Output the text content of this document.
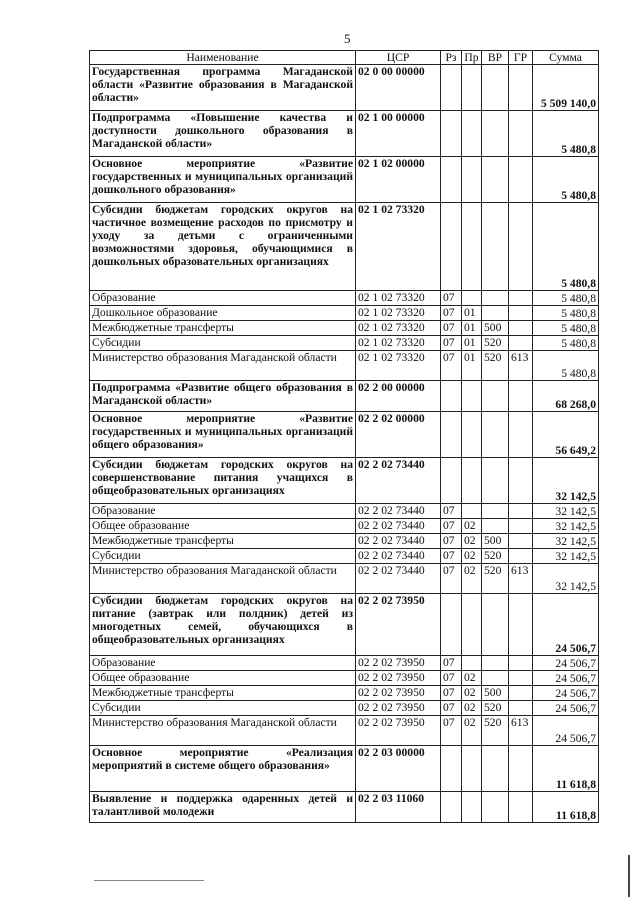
5
Наименование	ЦСР	Рз	Пр	ВР	ГР	Сумма
Государственная программа Магаданской области «Развитие образования в Магаданской области»	02 0 00 00000					5 509 140,0
Подпрограмма «Повышение качества и доступности дошкольного образования в Магаданской области»	02 1 00 00000					5 480,8
Основное мероприятие «Развитие государственных и муниципальных организаций дошкольного образования»	02 1 02 00000					5 480,8
Субсидии бюджетам городских округов на частичное возмещение расходов по присмотру и уходу за детьми с ограниченными возможностями здоровья, обучающимися в дошкольных образовательных организациях	02 1 02 73320					5 480,8
Образование	02 1 02 73320	07				5 480,8
Дошкольное образование	02 1 02 73320	07	01			5 480,8
Межбюджетные трансферты	02 1 02 73320	07	01	500		5 480,8
Субсидии	02 1 02 73320	07	01	520		5 480,8
Министерство образования Магаданской области	02 1 02 73320	07	01	520	613	5 480,8
Подпрограмма «Развитие общего образования в Магаданской области»	02 2 00 00000					68 268,0
Основное мероприятие «Развитие государственных и муниципальных организаций общего образования»	02 2 02 00000					56 649,2
Субсидии бюджетам городских округов на совершенствование питания учащихся в общеобразовательных организациях	02 2 02 73440					32 142,5
Образование	02 2 02 73440	07				32 142,5
Общее образование	02 2 02 73440	07	02			32 142,5
Межбюджетные трансферты	02 2 02 73440	07	02	500		32 142,5
Субсидии	02 2 02 73440	07	02	520		32 142,5
Министерство образования Магаданской области	02 2 02 73440	07	02	520	613	32 142,5
Субсидии бюджетам городских округов на питание (завтрак или полдник) детей из многодетных семей, обучающихся в общеобразовательных организациях	02 2 02 73950					24 506,7
Образование	02 2 02 73950	07				24 506,7
Общее образование	02 2 02 73950	07	02			24 506,7
Межбюджетные трансферты	02 2 02 73950	07	02	500		24 506,7
Субсидии	02 2 02 73950	07	02	520		24 506,7
Министерство образования Магаданской области	02 2 02 73950	07	02	520	613	24 506,7
Основное мероприятие «Реализация мероприятий в системе общего образования»	02 2 03 00000					11 618,8
Выявление и поддержка одаренных детей и талантливой молодежи	02 2 03 11060					11 618,8
